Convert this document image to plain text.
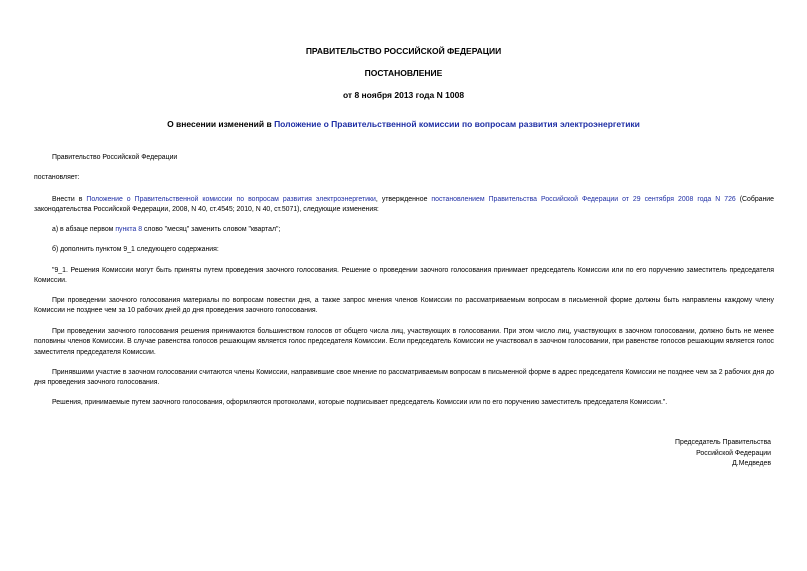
ПРАВИТЕЛЬСТВО РОССИЙСКОЙ ФЕДЕРАЦИИ
ПОСТАНОВЛЕНИЕ
от 8 ноября 2013 года N 1008
О внесении изменений в Положение о Правительственной комиссии по вопросам развития электроэнергетики
Правительство Российской Федерации
постановляет:
Внести в Положение о Правительственной комиссии по вопросам развития электроэнергетики, утвержденное постановлением Правительства Российской Федерации от 29 сентября 2008 года N 726 (Собрание законодательства Российской Федерации, 2008, N 40, ст.4545; 2010, N 40, ст.5071), следующие изменения:
а) в абзаце первом пункта 8 слово "месяц" заменить словом "квартал";
б) дополнить пунктом 9_1 следующего содержания:
"9_1. Решения Комиссии могут быть приняты путем проведения заочного голосования. Решение о проведении заочного голосования принимает председатель Комиссии или по его поручению заместитель председателя Комиссии.
При проведении заочного голосования материалы по вопросам повестки дня, а также запрос мнения членов Комиссии по рассматриваемым вопросам в письменной форме должны быть направлены каждому члену Комиссии не позднее чем за 10 рабочих дней до дня проведения заочного голосования.
При проведении заочного голосования решения принимаются большинством голосов от общего числа лиц, участвующих в голосовании. При этом число лиц, участвующих в заочном голосовании, должно быть не менее половины членов Комиссии. В случае равенства голосов решающим является голос председателя Комиссии. Если председатель Комиссии не участвовал в заочном голосовании, при равенстве голосов решающим является голос заместителя председателя Комиссии.
Принявшими участие в заочном голосовании считаются члены Комиссии, направившие свое мнение по рассматриваемым вопросам в письменной форме в адрес председателя Комиссии не позднее чем за 2 рабочих дня до дня проведения заочного голосования.
Решения, принимаемые путем заочного голосования, оформляются протоколами, которые подписывает председатель Комиссии или по его поручению заместитель председателя Комиссии.".
Председатель Правительства
Российской Федерации
Д.Медведев
